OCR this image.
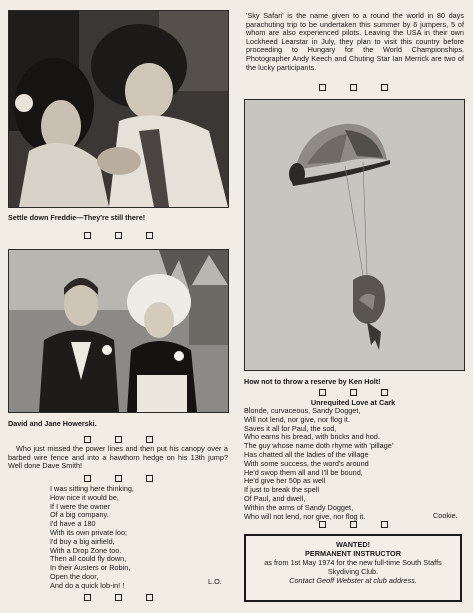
Settle down Freddie—They're still there!
David and Jane Howerski.
Who just missed the power lines and then put his canopy over a barbed wire fence and into a hawthorn hedge on his 13th jump? Well done Dave Smith!
I was sitting here thinking,
How nice it would be,
If I were the owner
Of a big company.
I'd have a 180
With its own private loo;
I'd buy a big airfield,
With a Drop Zone too.
Then all could fly down,
In their Austers or Robin,
Open the door,
And do a quick lob-in! !	L.O.
'Sky Safari' is the name given to a round the world in 80 days parachuting trip to be undertaken this summer by 6 jumpers, 5 of whom are also experienced pilots. Leaving the USA in their own Lockheed Learstar in July, they plan to visit this country before proceeding to Hungary for the World Championships. Photographer Andy Keech and Chuting Star Ian Merrick are two of the lucky participants.
How not to throw a reserve by Ken Holt!
Unrequited Love at Cark
Blonde, curvaceous, Sandy Dogget,
Will not lend, nor give, nor flog it.
Saves it all for Paul, the sod,
Who earns his bread, with bricks and hod.
The guy whose name doth rhyme with 'pillage'
Has chatted all the ladies of the village
With some success, the word's around
He'd swop them all and I'll be bound,
He'd give her 50p as well
If just to break the spell
Of Paul, and dwell,
Within the arms of Sandy Dogget,
Who will not lend, nor give, nor flog it.	Cookie.
WANTED!
PERMANENT INSTRUCTOR
as from 1st May 1974 for the new full-time South Staffs Skydiving Club.
Contact Geoff Webster at club address.
